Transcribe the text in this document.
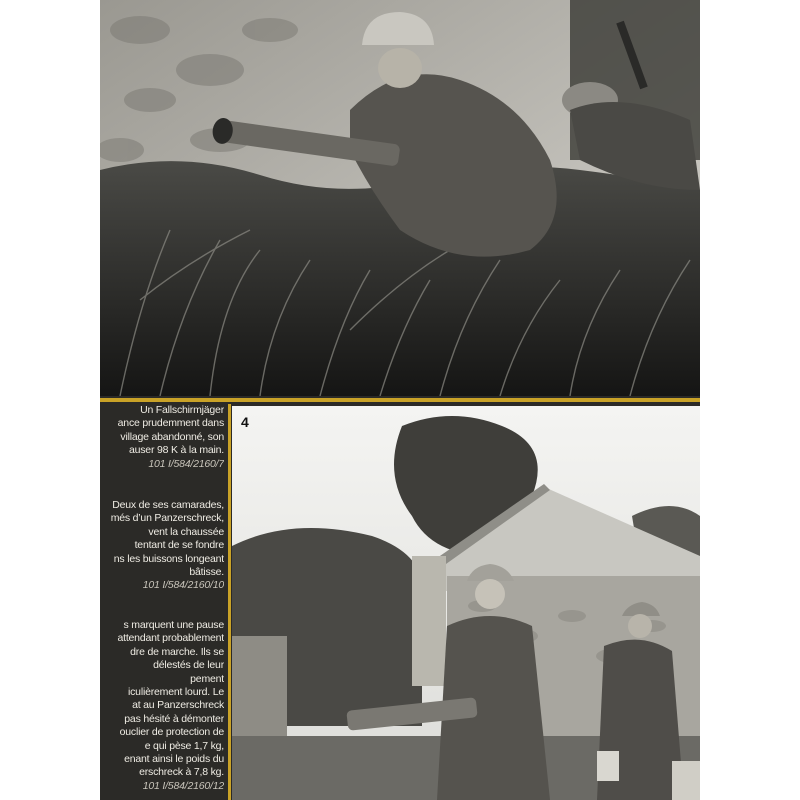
4
Un Fallschirmjäger
ance prudemment dans
village abandonné, son
auser 98 K à la main.
101 I/584/2160/7
Deux de ses camarades,
més d’un Panzerschreck,
vent la chaussée
tentant de se fondre
ns les buissons longeant
bâtisse.
101 I/584/2160/10
s marquent une pause
attendant probablement
dre de marche. Ils se
délestés de leur
pement
iculièrement lourd. Le
at au Panzerschreck
pas hésité à démonter
ouclier de protection de
e qui pèse 1,7 kg,
enant ainsi le poids du
erschreck à 7,8 kg.
101 I/584/2160/12
